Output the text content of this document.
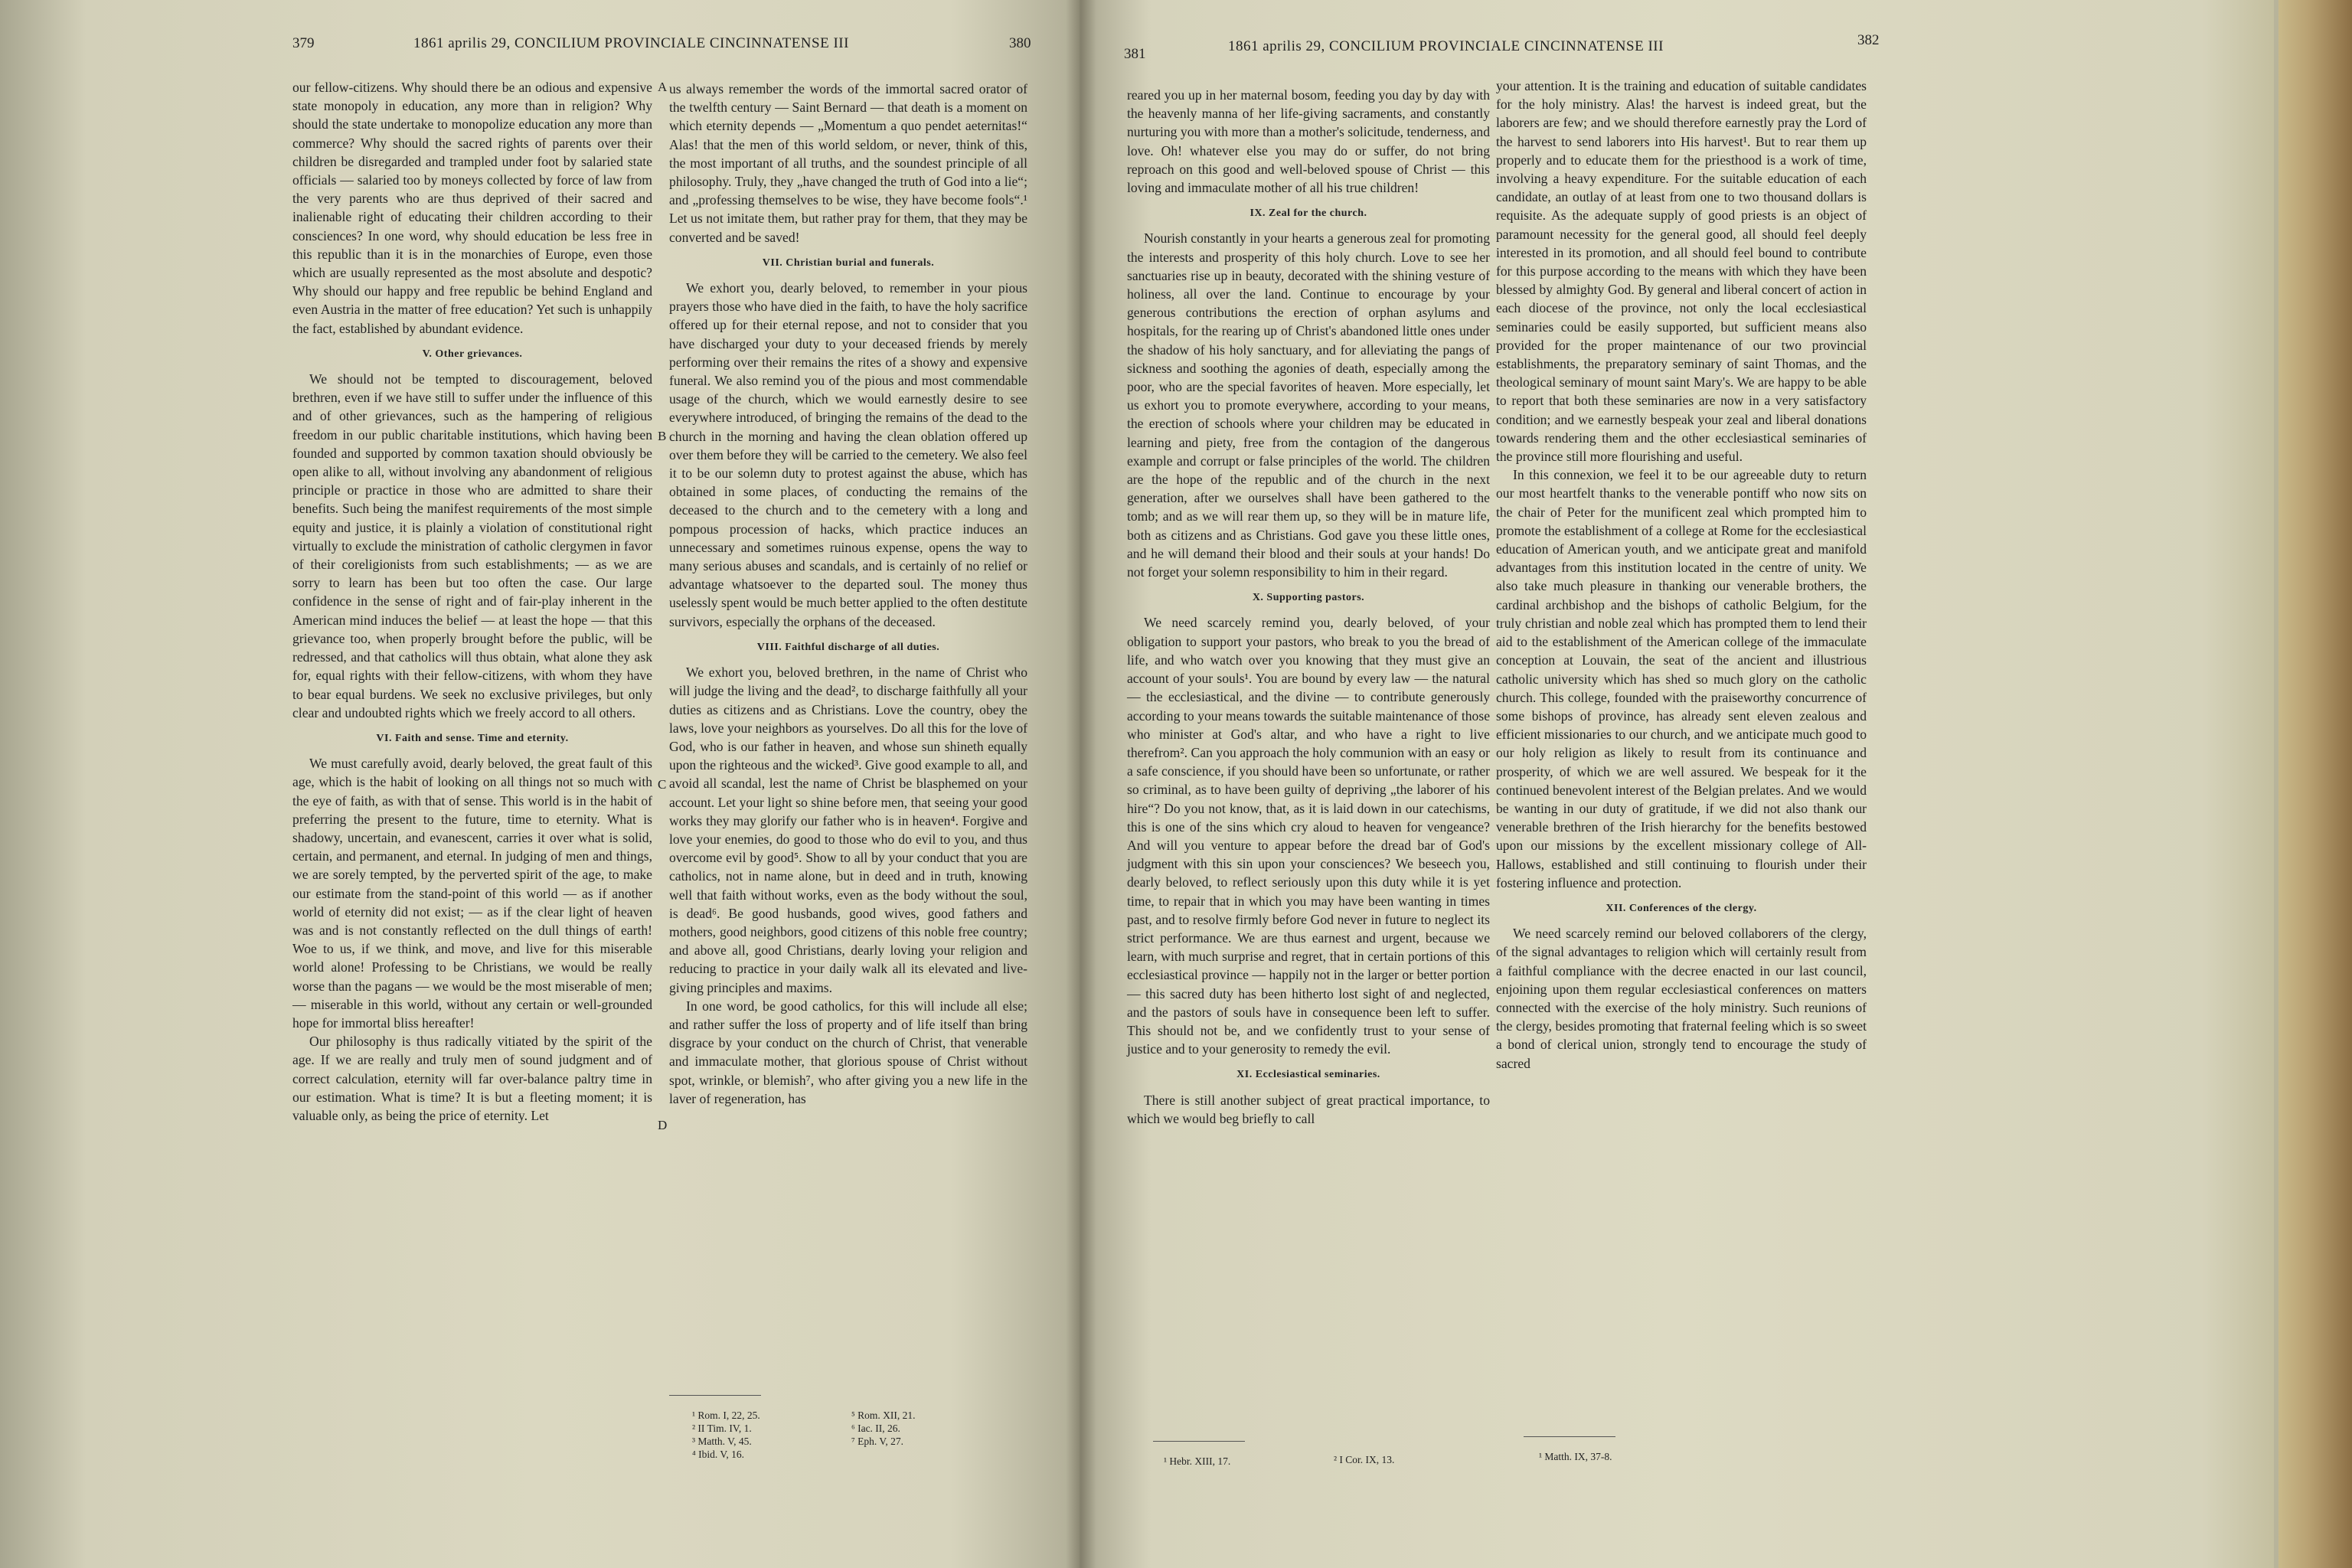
379	1861 aprilis 29, CONCILIUM PROVINCIALE CINCINNATENSE III	380
381	1861 aprilis 29, CONCILIUM PROVINCIALE CINCINNATENSE III	382

our fellow-citizens. Why should there be an odious and expensive state monopoly in education, any more than in religion? Why should the state undertake to monopolize education any more than commerce? Why should the sacred rights of parents over their children be disregarded and trampled under foot by salaried state officials — salaried too by moneys collected by force of law from the very parents who are thus deprived of their sacred and inalienable right of educating their children according to their consciences? In one word, why should education be less free in this republic than it is in the monarchies of Europe, even those which are usually represented as the most absolute and despotic? Why should our happy and free republic be behind England and even Austria in the matter of free education? Yet such is unhappily the fact, established by abundant evidence.

V. Other grievances.

We should not be tempted to discouragement, beloved brethren, even if we have still to suffer under the influence of this and of other grievances, such as the hampering of religious freedom in our public charitable institutions, which having been founded and supported by common taxation should obviously be open alike to all, without involving any abandonment of religious principle or practice in those who are admitted to share their benefits. Such being the manifest requirements of the most simple equity and justice, it is plainly a violation of constitutional right virtually to exclude the ministration of catholic clergymen in favor of their coreligionists from such establishments; — as we are sorry to learn has been but too often the case. Our large confidence in the sense of right and of fair-play inherent in the American mind induces the belief — at least the hope — that this grievance too, when properly brought before the public, will be redressed, and that catholics will thus obtain, what alone they ask for, equal rights with their fellow-citizens, with whom they have to bear equal burdens. We seek no exclusive privileges, but only clear and undoubted rights which we freely accord to all others.

VI. Faith and sense. Time and eternity.

We must carefully avoid, dearly beloved, the great fault of this age, which is the habit of looking on all things not so much with the eye of faith, as with that of sense. This world is in the habit of preferring the present to the future, time to eternity. What is shadowy, uncertain, and evanescent, carries it over what is solid, certain, and permanent, and eternal. In judging of men and things, we are sorely tempted, by the perverted spirit of the age, to make our estimate from the stand-point of this world — as if another world of eternity did not exist; — as if the clear light of heaven was and is not constantly reflected on the dull things of earth! Woe to us, if we think, and move, and live for this miserable world alone! Professing to be Christians, we would be really worse than the pagans — we would be the most miserable of men; — miserable in this world, without any certain or well-grounded hope for immortal bliss hereafter!

Our philosophy is thus radically vitiated by the spirit of the age. If we are really and truly men of sound judgment and of correct calculation, eternity will far over-balance paltry time in our estimation. What is time? It is but a fleeting moment; it is valuable only, as being the price of eternity. Let

A
B
C
D

us always remember the words of the immortal sacred orator of the twelfth century — Saint Bernard — that death is a moment on which eternity depends — „Momentum a quo pendet aeternitas!“ Alas! that the men of this world seldom, or never, think of this, the most important of all truths, and the soundest principle of all philosophy. Truly, they „have changed the truth of God into a lie“; and „professing themselves to be wise, they have become fools“.¹ Let us not imitate them, but rather pray for them, that they may be converted and be saved!

VII. Christian burial and funerals.

We exhort you, dearly beloved, to remember in your pious prayers those who have died in the faith, to have the holy sacrifice offered up for their eternal repose, and not to consider that you have discharged your duty to your deceased friends by merely performing over their remains the rites of a showy and expensive funeral. We also remind you of the pious and most commendable usage of the church, which we would earnestly desire to see everywhere introduced, of bringing the remains of the dead to the church in the morning and having the clean oblation offered up over them before they will be carried to the cemetery. We also feel it to be our solemn duty to protest against the abuse, which has obtained in some places, of conducting the remains of the deceased to the church and to the cemetery with a long and pompous procession of hacks, which practice induces an unnecessary and sometimes ruinous expense, opens the way to many serious abuses and scandals, and is certainly of no relief or advantage whatsoever to the departed soul. The money thus uselessly spent would be much better applied to the often destitute survivors, especially the orphans of the deceased.

VIII. Faithful discharge of all duties.

We exhort you, beloved brethren, in the name of Christ who will judge the living and the dead², to discharge faithfully all your duties as citizens and as Christians. Love the country, obey the laws, love your neighbors as yourselves. Do all this for the love of God, who is our father in heaven, and whose sun shineth equally upon the righteous and the wicked³. Give good example to all, and avoid all scandal, lest the name of Christ be blasphemed on your account. Let your light so shine before men, that seeing your good works they may glorify our father who is in heaven⁴. Forgive and love your enemies, do good to those who do evil to you, and thus overcome evil by good⁵. Show to all by your conduct that you are catholics, not in name alone, but in deed and in truth, knowing well that faith without works, even as the body without the soul, is dead⁶. Be good husbands, good wives, good fathers and mothers, good neighbors, good citizens of this noble free country; and above all, good Christians, dearly loving your religion and reducing to practice in your daily walk all its elevated and live-giving principles and maxims.

In one word, be good catholics, for this will include all else; and rather suffer the loss of property and of life itself than bring disgrace by your conduct on the church of Christ, that venerable and immaculate mother, that glorious spouse of Christ without spot, wrinkle, or blemish⁷, who after giving you a new life in the laver of regeneration, has

¹ Rom. I, 22, 25.
² II Tim. IV, 1.
³ Matth. V, 45.
⁴ Ibid. V, 16.
⁵ Rom. XII, 21.
⁶ Iac. II, 26.
⁷ Eph. V, 27.

reared you up in her maternal bosom, feeding you day by day with the heavenly manna of her life-giving sacraments, and constantly nurturing you with more than a mother's solicitude, tenderness, and love. Oh! whatever else you may do or suffer, do not bring reproach on this good and well-beloved spouse of Christ — this loving and immaculate mother of all his true children!

IX. Zeal for the church.

Nourish constantly in your hearts a generous zeal for promoting the interests and prosperity of this holy church. Love to see her sanctuaries rise up in beauty, decorated with the shining vesture of holiness, all over the land. Continue to encourage by your generous contributions the erection of orphan asylums and hospitals, for the rearing up of Christ's abandoned little ones under the shadow of his holy sanctuary, and for alleviating the pangs of sickness and soothing the agonies of death, especially among the poor, who are the special favorites of heaven. More especially, let us exhort you to promote everywhere, according to your means, the erection of schools where your children may be educated in learning and piety, free from the contagion of the dangerous example and corrupt or false principles of the world. The children are the hope of the republic and of the church in the next generation, after we ourselves shall have been gathered to the tomb; and as we will rear them up, so they will be in mature life, both as citizens and as Christians. God gave you these little ones, and he will demand their blood and their souls at your hands! Do not forget your solemn responsibility to him in their regard.

X. Supporting pastors.

We need scarcely remind you, dearly beloved, of your obligation to support your pastors, who break to you the bread of life, and who watch over you knowing that they must give an account of your souls¹. You are bound by every law — the natural — the ecclesiastical, and the divine — to contribute generously according to your means towards the suitable maintenance of those who minister at God's altar, and who have a right to live therefrom². Can you approach the holy communion with an easy or a safe conscience, if you should have been so unfortunate, or rather so criminal, as to have been guilty of depriving „the laborer of his hire“? Do you not know, that, as it is laid down in our catechisms, this is one of the sins which cry aloud to heaven for vengeance? And will you venture to appear before the dread bar of God's judgment with this sin upon your consciences? We beseech you, dearly beloved, to reflect seriously upon this duty while it is yet time, to repair that in which you may have been wanting in times past, and to resolve firmly before God never in future to neglect its strict performance. We are thus earnest and urgent, because we learn, with much surprise and regret, that in certain portions of this ecclesiastical province — happily not in the larger or better portion — this sacred duty has been hitherto lost sight of and neglected, and the pastors of souls have in consequence been left to suffer. This should not be, and we confidently trust to your sense of justice and to your generosity to remedy the evil.

XI. Ecclesiastical seminaries.

There is still another subject of great practical importance, to which we would beg briefly to call

¹ Hebr. XIII, 17.	² I Cor. IX, 13.

your attention. It is the training and education of suitable candidates for the holy ministry. Alas! the harvest is indeed great, but the laborers are few; and we should therefore earnestly pray the Lord of the harvest to send laborers into His harvest¹. But to rear them up properly and to educate them for the priesthood is a work of time, involving a heavy expenditure. For the suitable education of each candidate, an outlay of at least from one to two thousand dollars is requisite. As the adequate supply of good priests is an object of paramount necessity for the general good, all should feel deeply interested in its promotion, and all should feel bound to contribute for this purpose according to the means with which they have been blessed by almighty God. By general and liberal concert of action in each diocese of the province, not only the local ecclesiastical seminaries could be easily supported, but sufficient means also provided for the proper maintenance of our two provincial establishments, the preparatory seminary of saint Thomas, and the theological seminary of mount saint Mary's. We are happy to be able to report that both these seminaries are now in a very satisfactory condition; and we earnestly bespeak your zeal and liberal donations towards rendering them and the other ecclesiastical seminaries of the province still more flourishing and useful.

In this connexion, we feel it to be our agreeable duty to return our most heartfelt thanks to the venerable pontiff who now sits on the chair of Peter for the munificent zeal which prompted him to promote the establishment of a college at Rome for the ecclesiastical education of American youth, and we anticipate great and manifold advantages from this institution located in the centre of unity. We also take much pleasure in thanking our venerable brothers, the cardinal archbishop and the bishops of catholic Belgium, for the truly christian and noble zeal which has prompted them to lend their aid to the establishment of the American college of the immaculate conception at Louvain, the seat of the ancient and illustrious catholic university which has shed so much glory on the catholic church. This college, founded with the praiseworthy concurrence of some bishops of province, has already sent eleven zealous and efficient missionaries to our church, and we anticipate much good to our holy religion as likely to result from its continuance and prosperity, of which we are well assured. We bespeak for it the continued benevolent interest of the Belgian prelates. And we would be wanting in our duty of gratitude, if we did not also thank our venerable brethren of the Irish hierarchy for the benefits bestowed upon our missions by the excellent missionary college of All-Hallows, established and still continuing to flourish under their fostering influence and protection.

XII. Conferences of the clergy.

We need scarcely remind our beloved collaborers of the clergy, of the signal advantages to religion which will certainly result from a faithful compliance with the decree enacted in our last council, enjoining upon them regular ecclesiastical conferences on matters connected with the exercise of the holy ministry. Such reunions of the clergy, besides promoting that fraternal feeling which is so sweet a bond of clerical union, strongly tend to encourage the study of sacred

¹ Matth. IX, 37-8.
